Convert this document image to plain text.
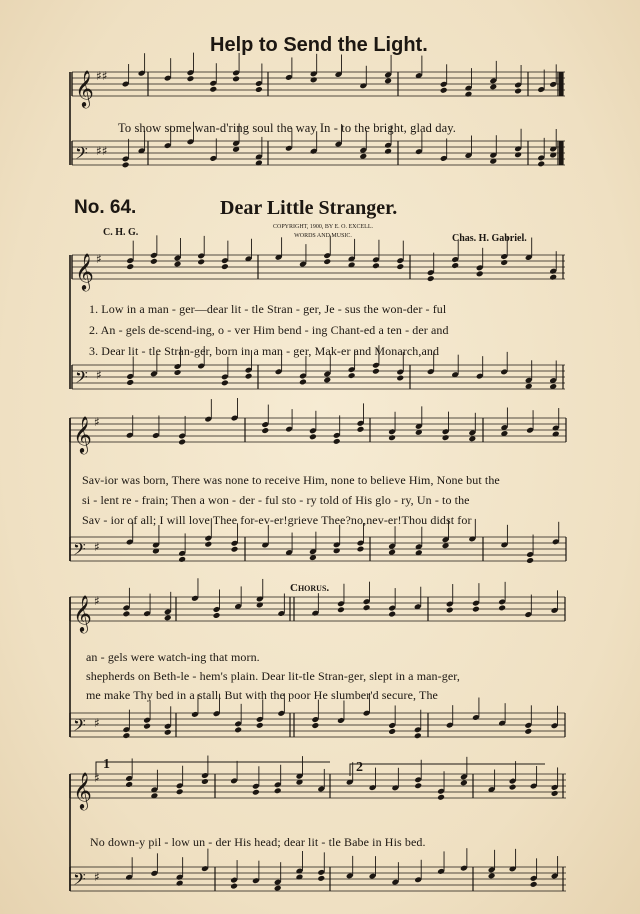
Help to Send the Light.
𝄞 ♯♯
𝄢 ♯♯
𝄞 ♯
𝄢 ♯
𝄞 ♯
𝄢 ♯
𝄞 ♯
𝄢 ♯
𝄞 ♯
𝄢 ♯
To show some wan-d'ring soul the way In - to the bright, glad day.
No. 64.	Dear Little Stranger.
C. H. G.	COPYRIGHT, 1900, BY E. O. EXCELL.
WORDS AND MUSIC.	Chas. H. Gabriel.
1. Low in a man - ger—dear lit - tle Stran - ger, Je - sus the won-der - ful
2. An - gels de-scend-ing, o - ver Him bend - ing Chant-ed a ten - der and
3. Dear lit - tle Stran-ger, born in a man - ger, Mak-er and Monarch,and
Sav-ior was born, There was none to receive Him, none to believe Him, None but the
si - lent re - frain; Then a won - der - ful sto - ry told of His glo - ry, Un - to the
Sav - ior of all; I will love Thee for-ev-er!grieve Thee?no,nev-er!Thou didst for
Chorus.
an - gels were watch-ing that morn.
shepherds on Beth-le - hem's plain. Dear lit-tle Stran-ger, slept in a man-ger,
me make Thy bed in a stall. But with the poor He slumber'd secure, The
1	2
No down-y pil - low un - der His head; dear lit - tle Babe in His bed.
